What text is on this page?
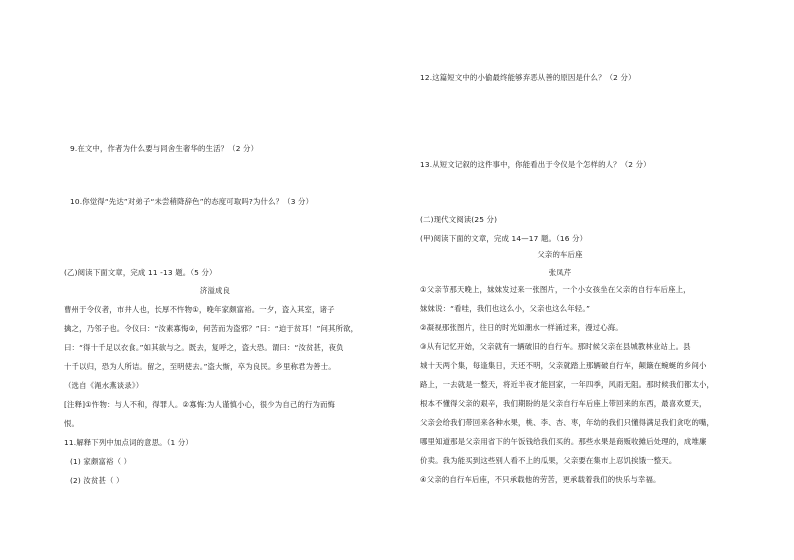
9.在文中，作者为什么要与同舍生奢华的生活？（2 分）
10.你觉得“先达”对弟子“未尝稍降辞色”的态度可取吗?为什么？（3 分）
(乙)阅读下面文章，完成 11 -13 题。（5 分）
济溢成良
曹州于令仪者，市井人也，长厚不忤物①，晚年家颇富裕。一夕，盗入其室，诸子
擒之，乃邻子也。令仪曰：“汝素寡悔②，何苦而为盗邪？”曰：“迫于贫耳！”问其所欲，
曰：“得十千足以衣食。”如其欲与之。既去，复呼之，盗大恐。谓曰：“汝贫甚，夜负
十千以归，恐为人所诘。留之，至明使去。”盗大惭，卒为良民。乡里称君为善士。
（选自《渑水燕谈录》）
[注释]①忤物：与人不和，得罪人。②寡悔:为人谨慎小心，很少为自己的行为而悔
恨。
11.解释下列中加点词的意思。（1 分）
(1) 家颇富裕（ ）
(2) 汝贫甚（ ）
12.这篇短文中的小偷最终能够弃恶从善的原因是什么？（2 分）
13.从短文记叙的这件事中，你能看出于令仪是个怎样的人？（2 分）
(二)现代文阅读(25 分)
(甲)阅读下面的文章，完成 14—17 题。（16 分）
父亲的车后座
张凤芹
①父亲节那天晚上，妹妹发过来一张图片，一个小女孩坐在父亲的自行车后座上，
妹妹说：“看哇，我们也这么小，父亲也这么年轻。”
②凝视那张图片，往日的时光如潮水一样涌过来，漫过心海。
③从有记忆开始，父亲就有一辆破旧的自行车。那时候父亲在县城教林业站上。县
城十天两个集，每逢集日，天还不明，父亲就踏上那辆破自行车，颠簸在蜿蜒的乡间小
路上，一去就是一整天，将近半夜才能回家，一年四季，风雨无阻。那时候我们都太小，
根本不懂得父亲的艰辛，我们期盼的是父亲自行车后座上带回来的东西，最喜欢夏天，
父亲会给我们带回来各种水果，桃、李、杏、枣，年幼的我们只懂得满足我们贪吃的嘴，
哪里知道那是父亲用省下的午饭钱给我们买的。那些水果是商贩收摊后处理的，成堆廉
价卖。我为能买到这些别人看不上的瓜果，父亲要在集市上忍饥挨饿一整天。
④父亲的自行车后座，不只承载他的劳苦，更承载着我们的快乐与幸福。
